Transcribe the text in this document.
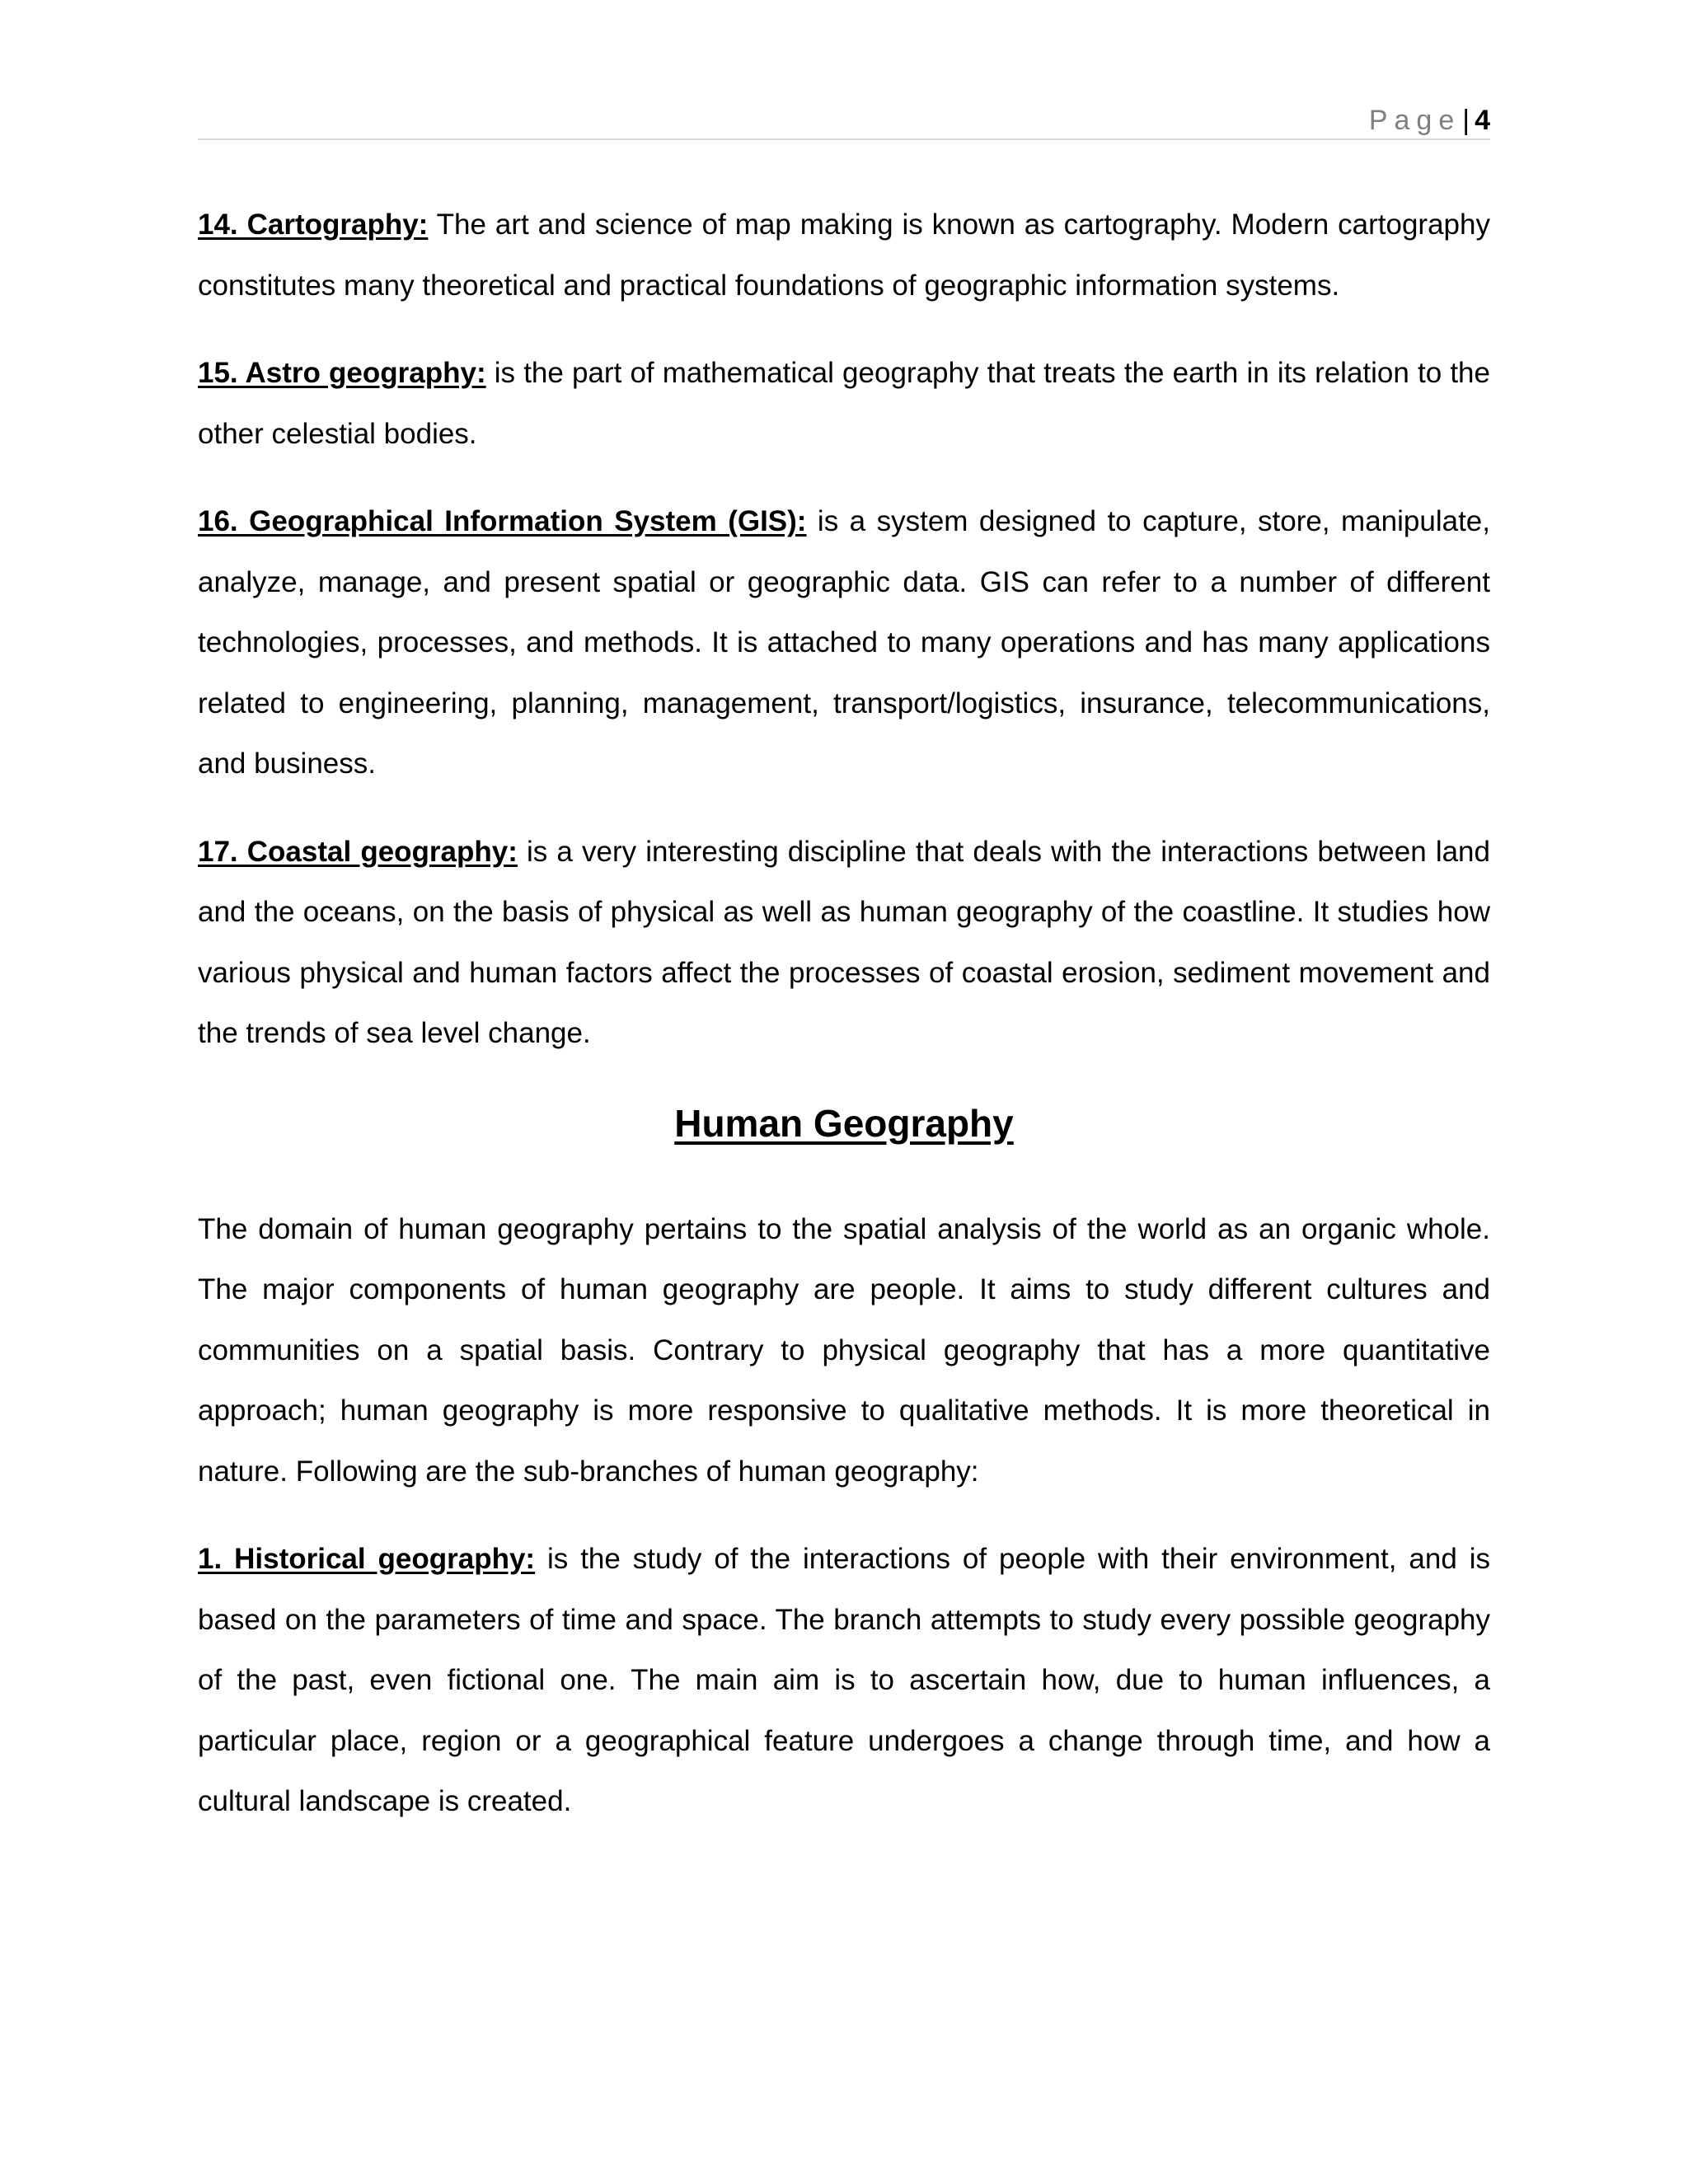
Page| 4

14. Cartography: The art and science of map making is known as cartography. Modern cartography constitutes many theoretical and practical foundations of geographic information systems.

15. Astro geography: is the part of mathematical geography that treats the earth in its relation to the other celestial bodies.

16. Geographical Information System (GIS): is a system designed to capture, store, manipulate, analyze, manage, and present spatial or geographic data. GIS can refer to a number of different technologies, processes, and methods. It is attached to many operations and has many applications related to engineering, planning, management, transport/logistics, insurance, telecommunications, and business.

17. Coastal geography: is a very interesting discipline that deals with the interactions between land and the oceans, on the basis of physical as well as human geography of the coastline. It studies how various physical and human factors affect the processes of coastal erosion, sediment movement and the trends of sea level change.

Human Geography

The domain of human geography pertains to the spatial analysis of the world as an organic whole. The major components of human geography are people. It aims to study different cultures and communities on a spatial basis. Contrary to physical geography that has a more quantitative approach; human geography is more responsive to qualitative methods. It is more theoretical in nature. Following are the sub-branches of human geography:

1. Historical geography: is the study of the interactions of people with their environment, and is based on the parameters of time and space. The branch attempts to study every possible geography of the past, even fictional one. The main aim is to ascertain how, due to human influences, a particular place, region or a geographical feature undergoes a change through time, and how a cultural landscape is created.
